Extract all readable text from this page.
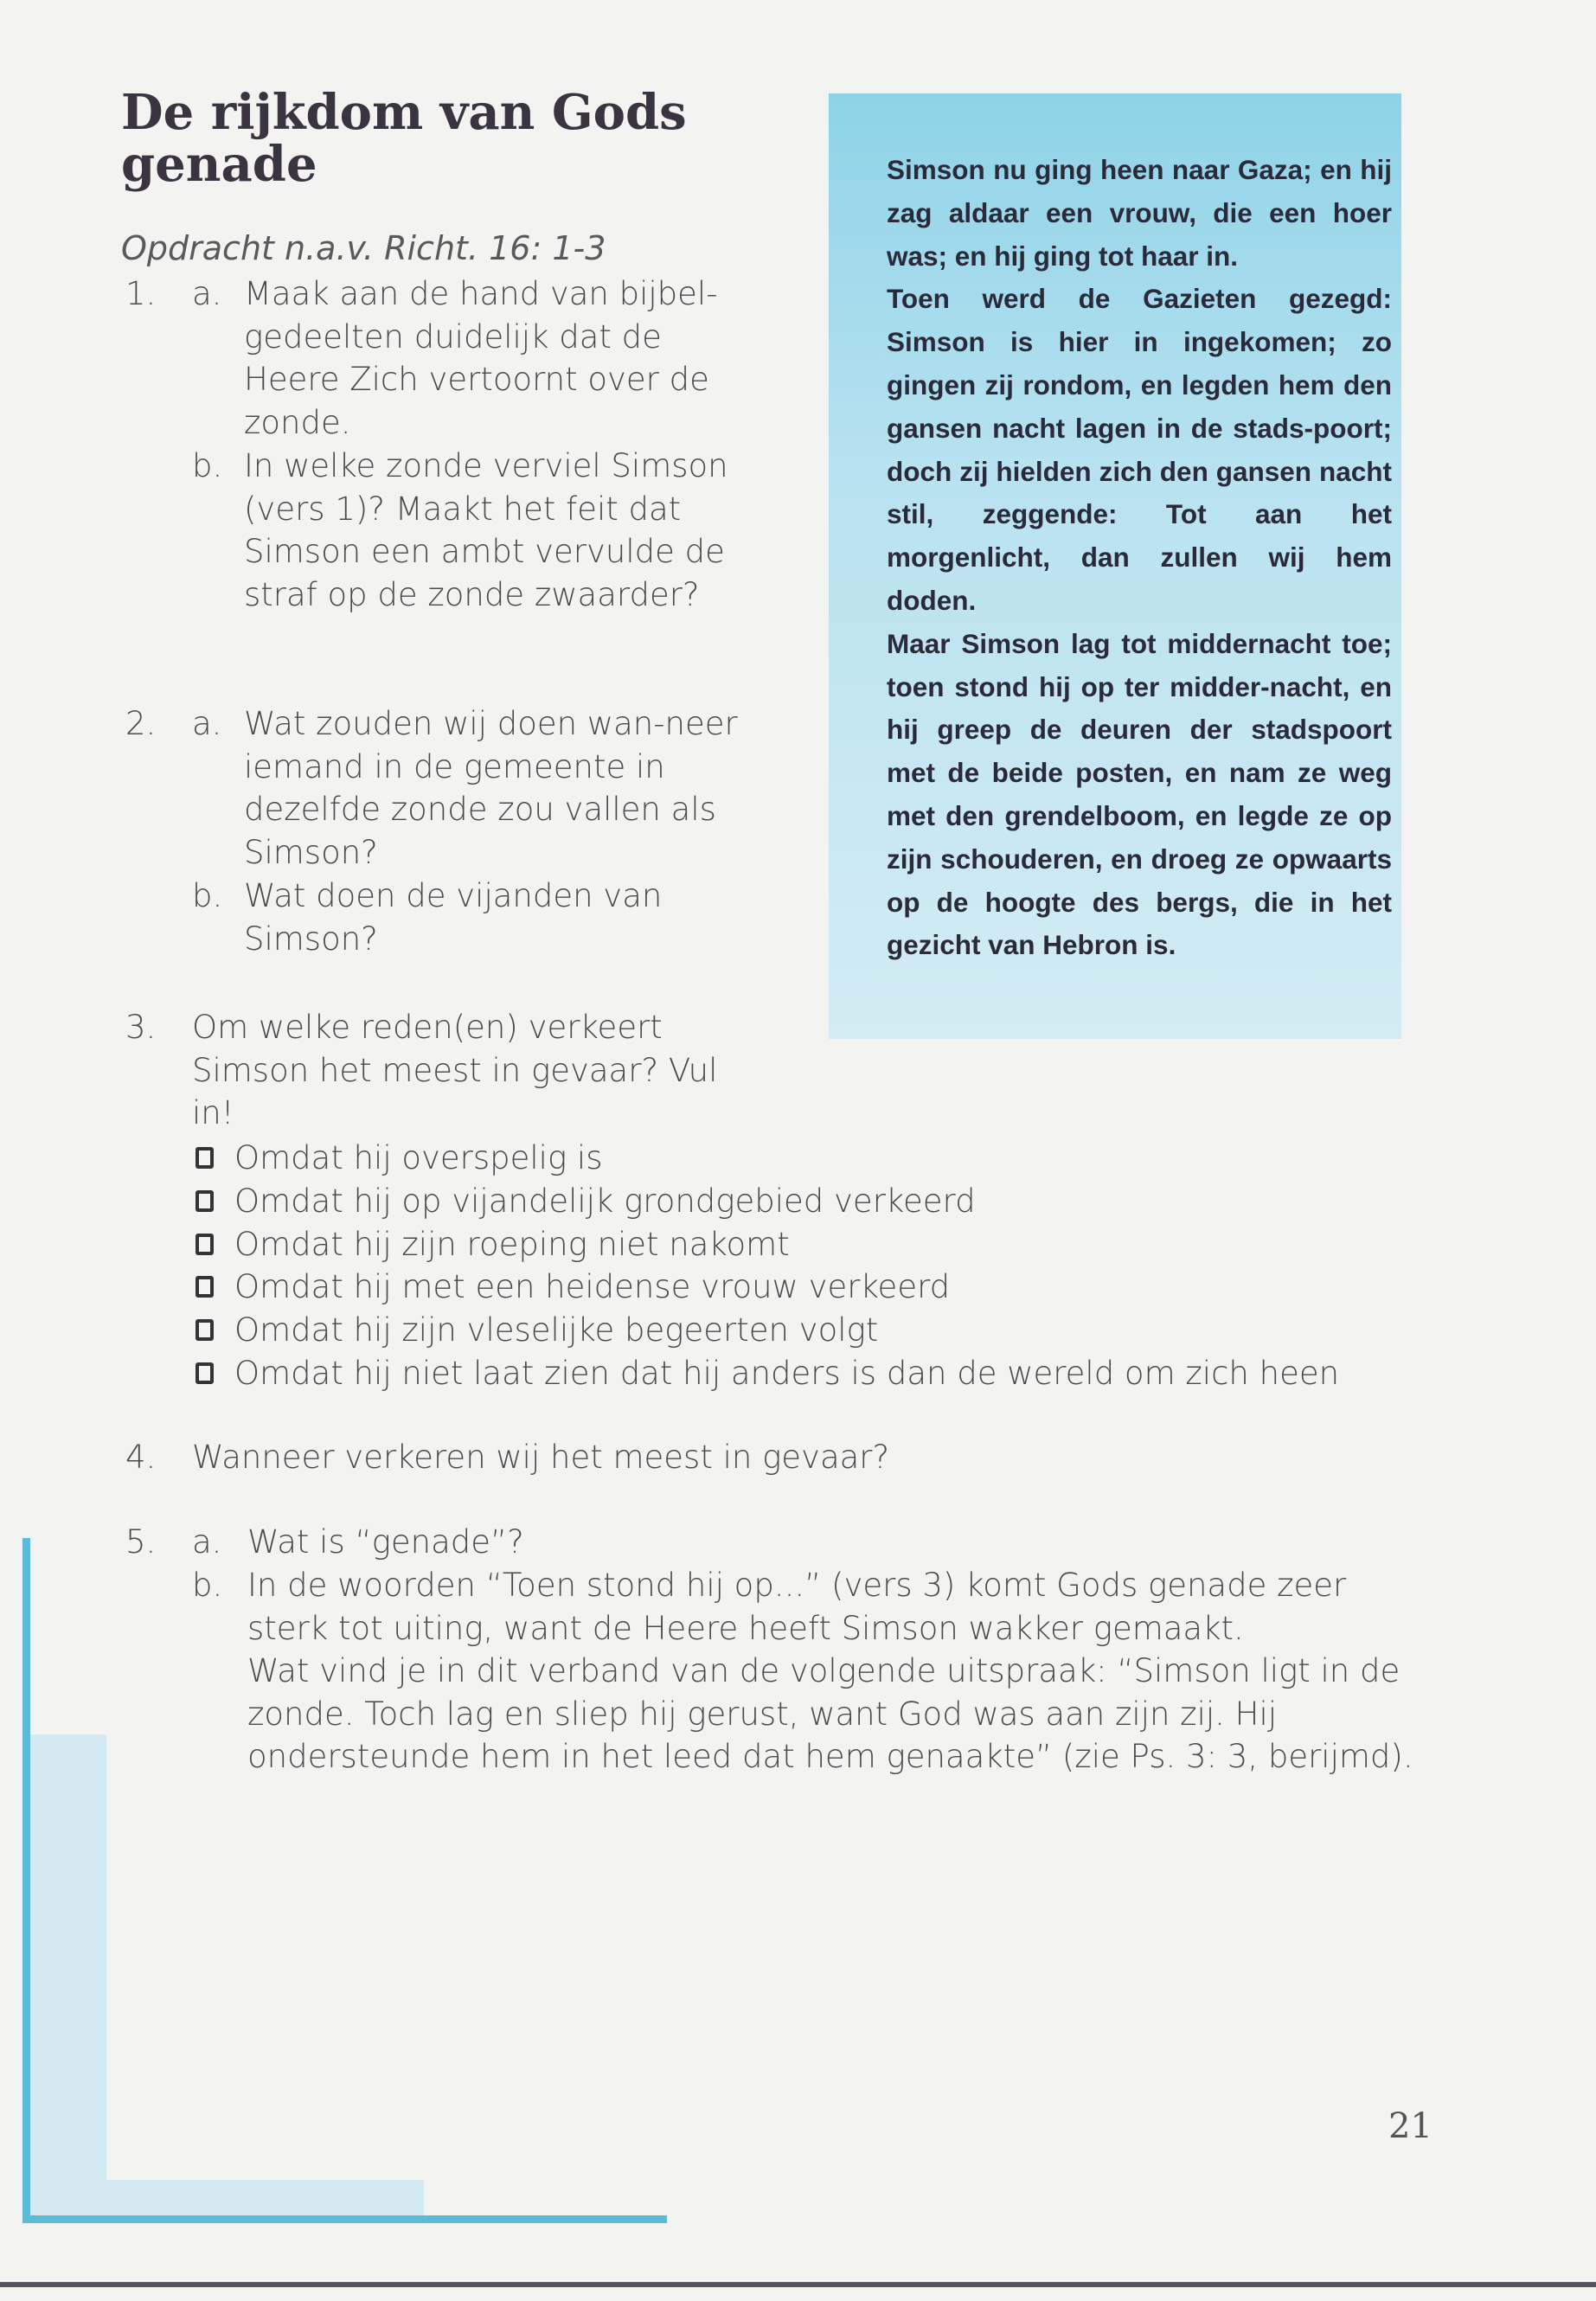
De rijkdom van Gods genade

Opdracht n.a.v. Richt. 16: 1-3

1. a. Maak aan de hand van bijbel-gedeelten duidelijk dat de Heere Zich vertoornt over de zonde.

b. In welke zonde verviel Simson (vers 1)? Maakt het feit dat Simson een ambt vervulde de straf op de zonde zwaarder?

2. a. Wat zouden wij doen wan-neer iemand in de gemeente in dezelfde zonde zou vallen als Simson?

b. Wat doen de vijanden van Simson?

3. Om welke reden(en) verkeert Simson het meest in gevaar? Vul in!

Omdat hij overspelig is
Omdat hij op vijandelijk grondgebied verkeerd
Omdat hij zijn roeping niet nakomt
Omdat hij met een heidense vrouw verkeerd
Omdat hij zijn vleselijke begeerten volgt
Omdat hij niet laat zien dat hij anders is dan de wereld om zich heen
4. Wanneer verkeren wij het meest in gevaar?

5. a. Wat is “genade”?

b. In de woorden “Toen stond hij op...” (vers 3) komt Gods genade zeer sterk tot uiting, want de Heere heeft Simson wakker gemaakt.

Wat vind je in dit verband van de volgende uitspraak: “Simson ligt in de zonde. Toch lag en sliep hij gerust, want God was aan zijn zij. Hij ondersteunde hem in het leed dat hem genaakte” (zie Ps. 3: 3, berijmd).

Simson nu ging heen naar Gaza; en hij zag aldaar een vrouw, die een hoer was; en hij ging tot haar in.

Toen werd de Gazieten gezegd: Simson is hier in ingekomen; zo gingen zij rondom, en legden hem den gansen nacht lagen in de stads-poort; doch zij hielden zich den gansen nacht stil, zeggende: Tot aan het morgenlicht, dan zullen wij hem doden.

Maar Simson lag tot middernacht toe; toen stond hij op ter midder-nacht, en hij greep de deuren der stadspoort met de beide posten, en nam ze weg met den grendelboom, en legde ze op zijn schouderen, en droeg ze opwaarts op de hoogte des bergs, die in het gezicht van Hebron is.

21
